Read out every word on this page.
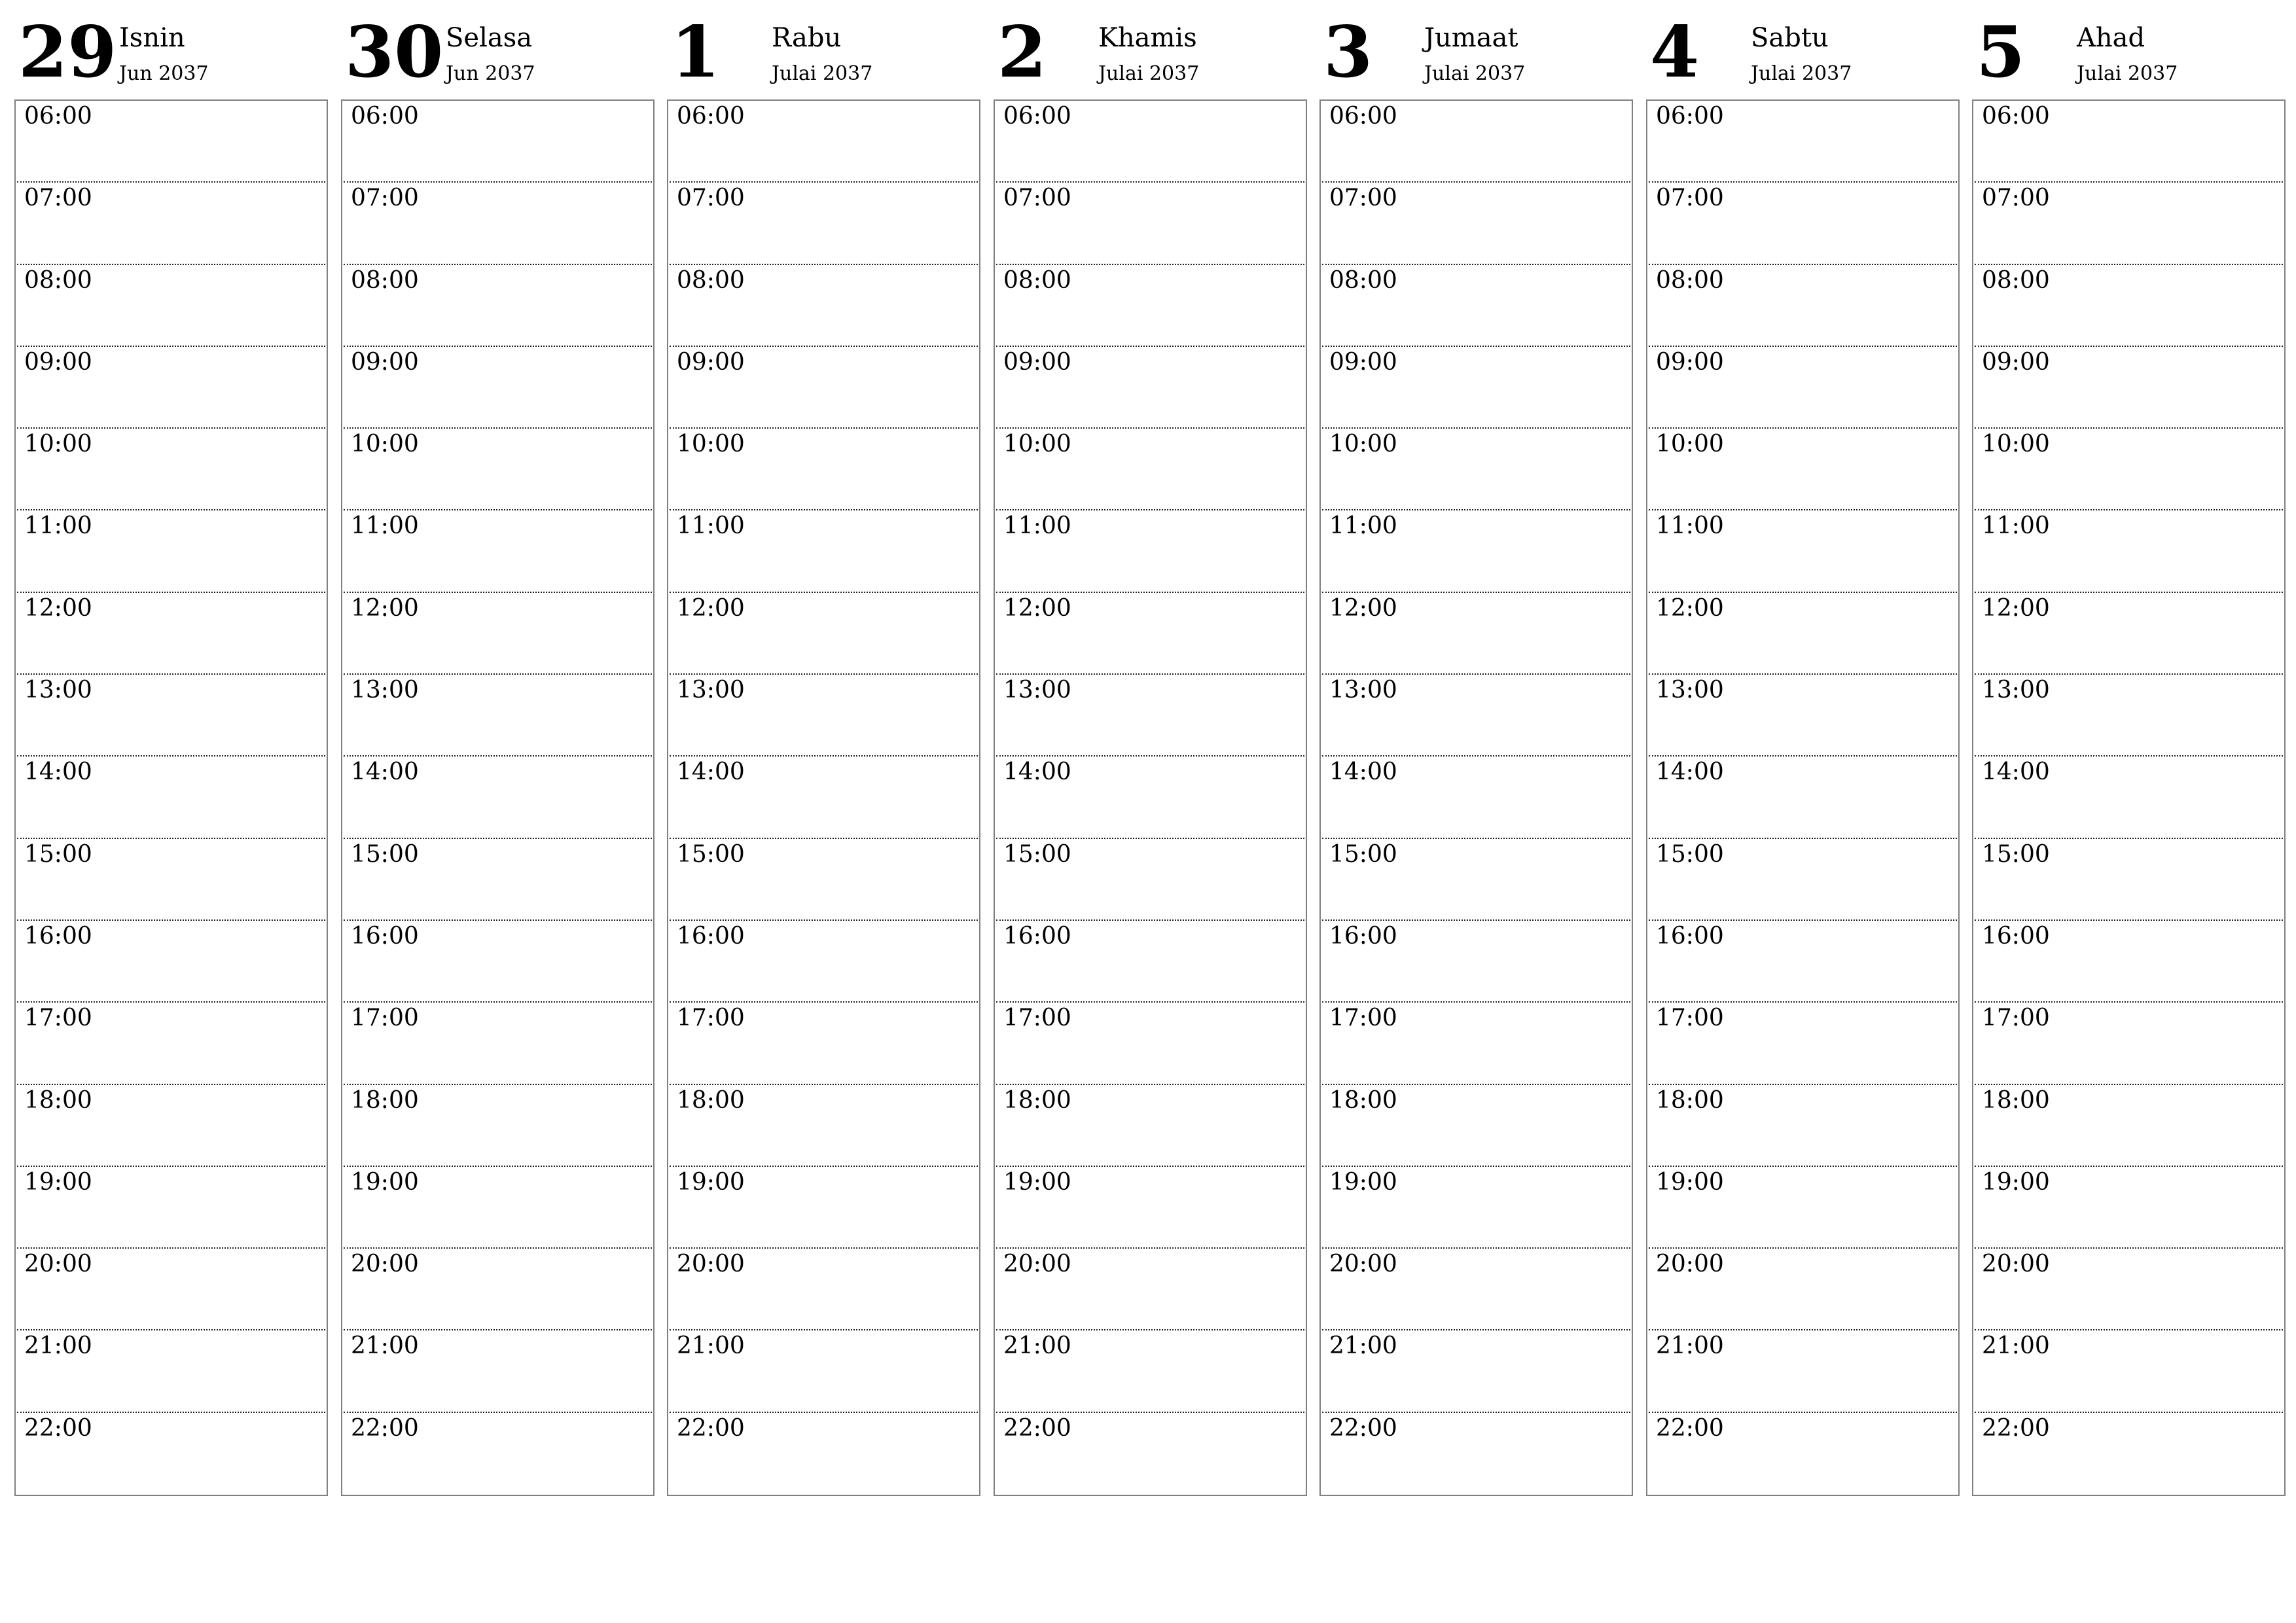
29 Isnin
Jun 2037
06:00
07:00
08:00
09:00
10:00
11:00
12:00
13:00
14:00
15:00
16:00
17:00
18:00
19:00
20:00
21:00
22:00
30 Selasa
Jun 2037
06:00
07:00
08:00
09:00
10:00
11:00
12:00
13:00
14:00
15:00
16:00
17:00
18:00
19:00
20:00
21:00
22:00
1 Rabu
Julai 2037
06:00
07:00
08:00
09:00
10:00
11:00
12:00
13:00
14:00
15:00
16:00
17:00
18:00
19:00
20:00
21:00
22:00
2 Khamis
Julai 2037
06:00
07:00
08:00
09:00
10:00
11:00
12:00
13:00
14:00
15:00
16:00
17:00
18:00
19:00
20:00
21:00
22:00
3 Jumaat
Julai 2037
06:00
07:00
08:00
09:00
10:00
11:00
12:00
13:00
14:00
15:00
16:00
17:00
18:00
19:00
20:00
21:00
22:00
4 Sabtu
Julai 2037
06:00
07:00
08:00
09:00
10:00
11:00
12:00
13:00
14:00
15:00
16:00
17:00
18:00
19:00
20:00
21:00
22:00
5 Ahad
Julai 2037
06:00
07:00
08:00
09:00
10:00
11:00
12:00
13:00
14:00
15:00
16:00
17:00
18:00
19:00
20:00
21:00
22:00
